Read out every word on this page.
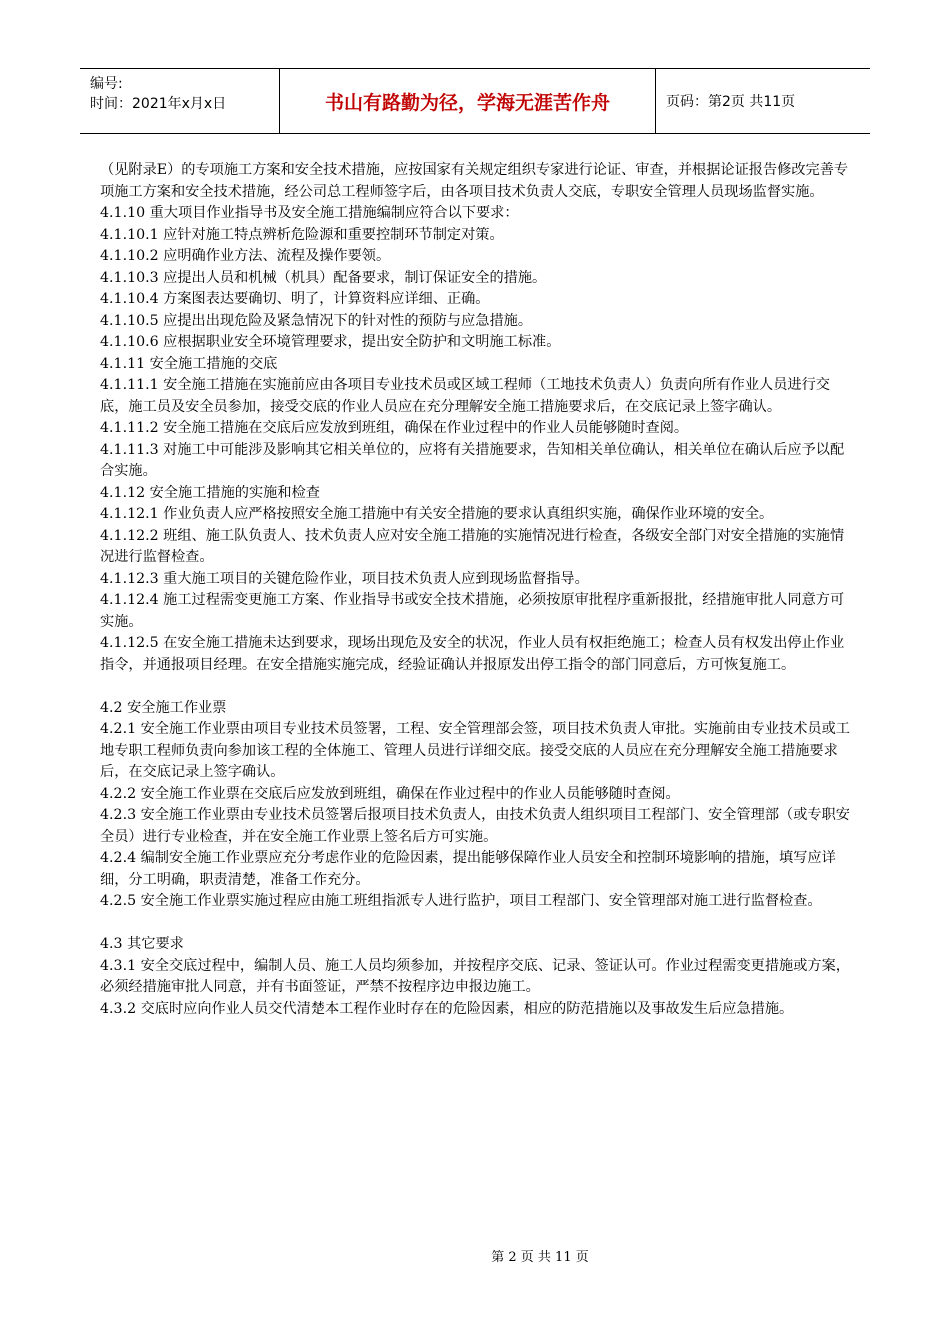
编号:
时间：2021年x月x日	书山有路勤为径，学海无涯苦作舟	页码：第2页 共11页

（见附录E）的专项施工方案和安全技术措施，应按国家有关规定组织专家进行论证、审查，并根据论证报告修改完善专项施工方案和安全技术措施，经公司总工程师签字后，由各项目技术负责人交底，专职安全管理人员现场监督实施。

4.1.10 重大项目作业指导书及安全施工措施编制应符合以下要求：

4.1.10.1 应针对施工特点辨析危险源和重要控制环节制定对策。

4.1.10.2 应明确作业方法、流程及操作要领。

4.1.10.3 应提出人员和机械（机具）配备要求，制订保证安全的措施。

4.1.10.4 方案图表达要确切、明了，计算资料应详细、正确。

4.1.10.5 应提出出现危险及紧急情况下的针对性的预防与应急措施。

4.1.10.6 应根据职业安全环境管理要求，提出安全防护和文明施工标准。

4.1.11 安全施工措施的交底

4.1.11.1 安全施工措施在实施前应由各项目专业技术员或区域工程师（工地技术负责人）负责向所有作业人员进行交底，施工员及安全员参加，接受交底的作业人员应在充分理解安全施工措施要求后，在交底记录上签字确认。

4.1.11.2 安全施工措施在交底后应发放到班组，确保在作业过程中的作业人员能够随时查阅。

4.1.11.3 对施工中可能涉及影响其它相关单位的，应将有关措施要求，告知相关单位确认，相关单位在确认后应予以配合实施。

4.1.12 安全施工措施的实施和检查

4.1.12.1 作业负责人应严格按照安全施工措施中有关安全措施的要求认真组织实施，确保作业环境的安全。

4.1.12.2 班组、施工队负责人、技术负责人应对安全施工措施的实施情况进行检查，各级安全部门对安全措施的实施情况进行监督检查。

4.1.12.3 重大施工项目的关键危险作业，项目技术负责人应到现场监督指导。

4.1.12.4 施工过程需变更施工方案、作业指导书或安全技术措施，必须按原审批程序重新报批，经措施审批人同意方可实施。

4.1.12.5 在安全施工措施未达到要求，现场出现危及安全的状况，作业人员有权拒绝施工；检查人员有权发出停止作业指令，并通报项目经理。在安全措施实施完成，经验证确认并报原发出停工指令的部门同意后，方可恢复施工。

4.2 安全施工作业票

4.2.1 安全施工作业票由项目专业技术员签署，工程、安全管理部会签，项目技术负责人审批。实施前由专业技术员或工地专职工程师负责向参加该工程的全体施工、管理人员进行详细交底。接受交底的人员应在充分理解安全施工措施要求后，在交底记录上签字确认。

4.2.2 安全施工作业票在交底后应发放到班组，确保在作业过程中的作业人员能够随时查阅。

4.2.3 安全施工作业票由专业技术员签署后报项目技术负责人，由技术负责人组织项目工程部门、安全管理部（或专职安全员）进行专业检查，并在安全施工作业票上签名后方可实施。

4.2.4 编制安全施工作业票应充分考虑作业的危险因素，提出能够保障作业人员安全和控制环境影响的措施，填写应详细，分工明确，职责清楚，准备工作充分。

4.2.5 安全施工作业票实施过程应由施工班组指派专人进行监护，项目工程部门、安全管理部对施工进行监督检查。

4.3 其它要求

4.3.1 安全交底过程中，编制人员、施工人员均须参加，并按程序交底、记录、签证认可。作业过程需变更措施或方案，必须经措施审批人同意，并有书面签证，严禁不按程序边申报边施工。

4.3.2 交底时应向作业人员交代清楚本工程作业时存在的危险因素，相应的防范措施以及事故发生后应急措施。

第 2 页 共 11 页
